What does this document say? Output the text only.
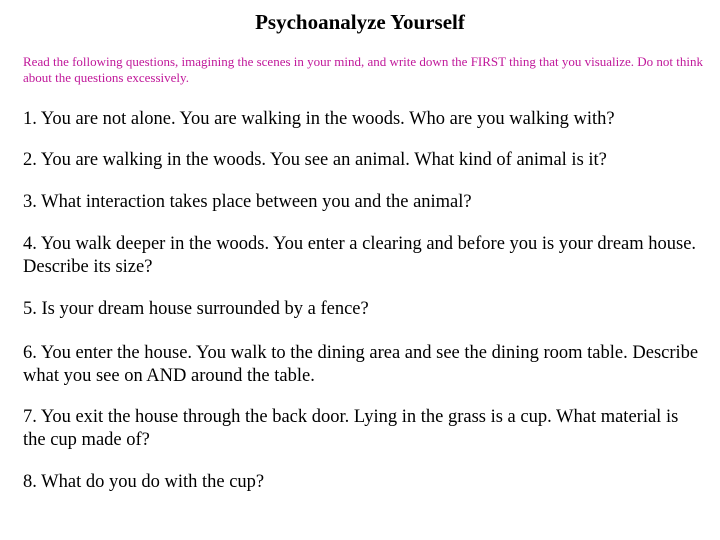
Psychoanalyze Yourself
Read the following questions, imagining the scenes in your mind, and write down the FIRST thing that you visualize. Do not think about the questions excessively.
1. You are not alone. You are walking in the woods. Who are you walking with?
2. You are walking in the woods. You see an animal. What kind of animal is it?
3. What interaction takes place between you and the animal?
4. You walk deeper in the woods. You enter a clearing and before you is your dream house. Describe its size?
5. Is your dream house surrounded by a fence?
6. You enter the house. You walk to the dining area and see the dining room table. Describe what you see on AND around the table.
7. You exit the house through the back door. Lying in the grass is a cup. What material is the cup made of?
8. What do you do with the cup?
